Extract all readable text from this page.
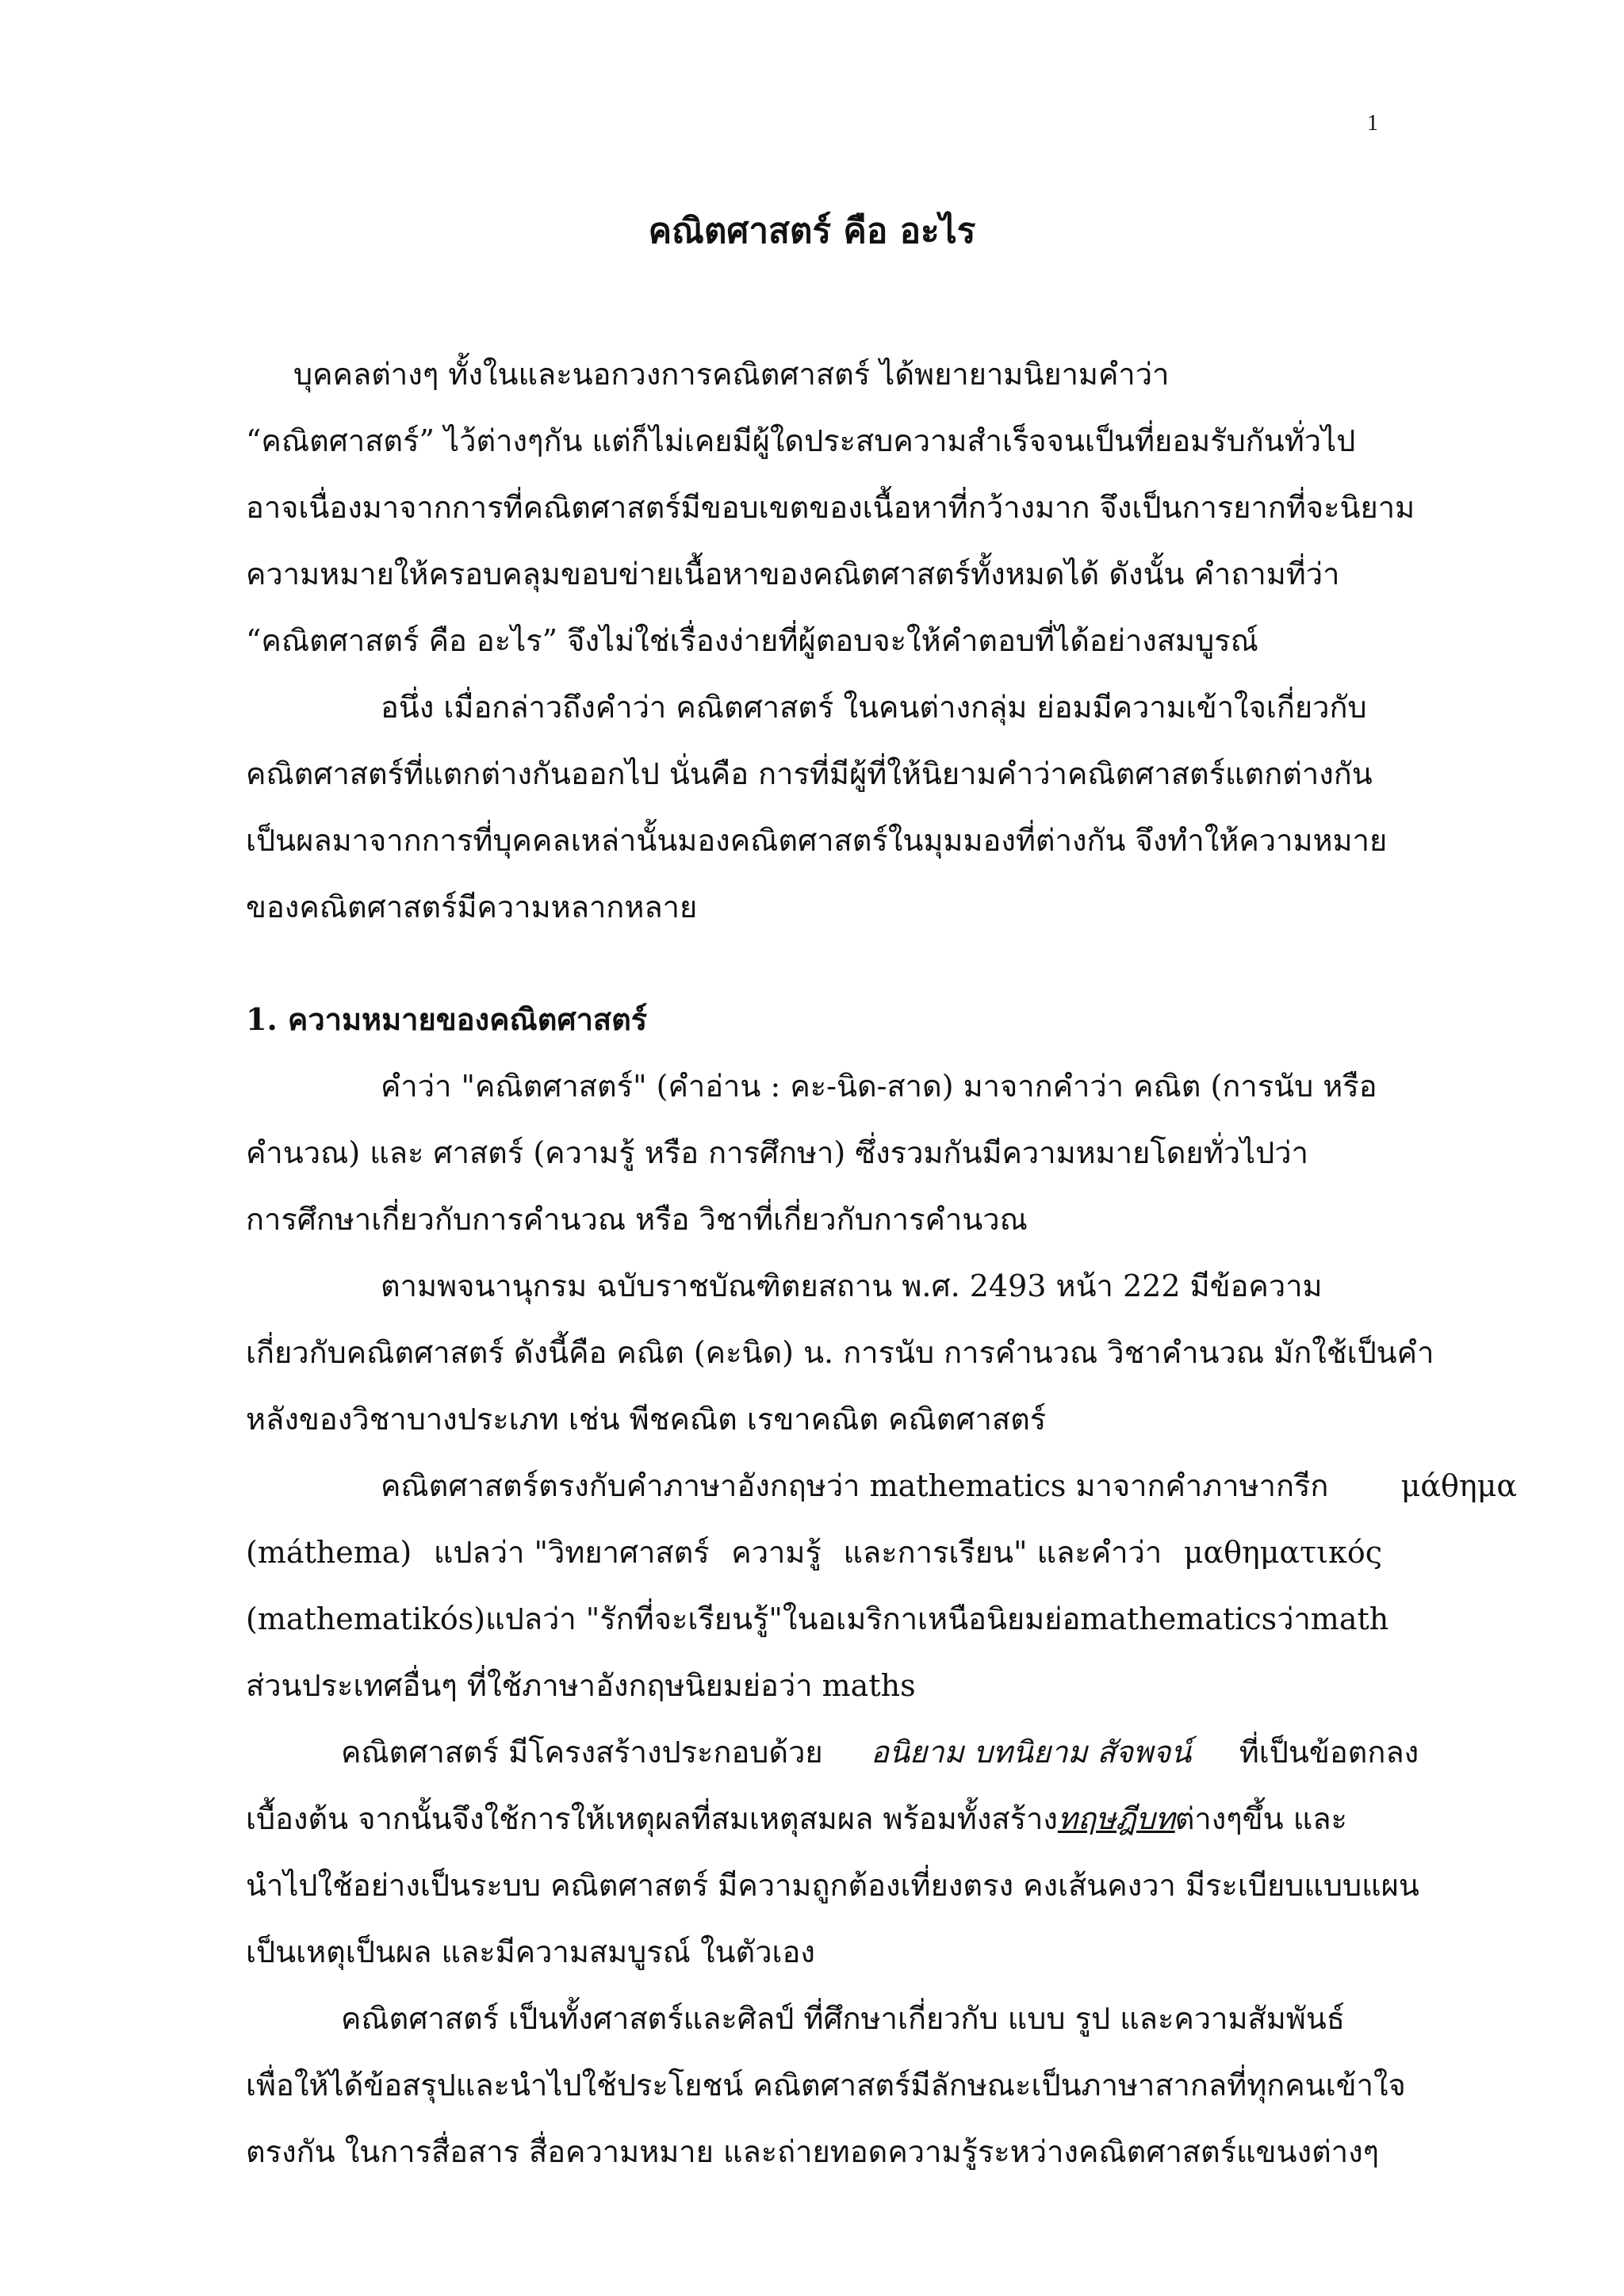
1
คณิตศาสตร์ คือ อะไร
บุคคลต่างๆ ทั้งในและนอกวงการคณิตศาสตร์ ได้พยายามนิยามคำว่า
“คณิตศาสตร์” ไว้ต่างๆกัน แต่ก็ไม่เคยมีผู้ใดประสบความสำเร็จจนเป็นที่ยอมรับกันทั่วไป
อาจเนื่องมาจากการที่คณิตศาสตร์มีขอบเขตของเนื้อหาที่กว้างมาก จึงเป็นการยากที่จะนิยาม
ความหมายให้ครอบคลุมขอบข่ายเนื้อหาของคณิตศาสตร์ทั้งหมดได้ ดังนั้น คำถามที่ว่า
“คณิตศาสตร์ คือ อะไร” จึงไม่ใช่เรื่องง่ายที่ผู้ตอบจะให้คำตอบที่ได้อย่างสมบูรณ์
อนึ่ง เมื่อกล่าวถึงคำว่า คณิตศาสตร์ ในคนต่างกลุ่ม ย่อมมีความเข้าใจเกี่ยวกับ
คณิตศาสตร์ที่แตกต่างกันออกไป นั่นคือ การที่มีผู้ที่ให้นิยามคำว่าคณิตศาสตร์แตกต่างกัน
เป็นผลมาจากการที่บุคคลเหล่านั้นมองคณิตศาสตร์ในมุมมองที่ต่างกัน จึงทำให้ความหมาย
ของคณิตศาสตร์มีความหลากหลาย
1. ความหมายของคณิตศาสตร์
คำว่า "คณิตศาสตร์" (คำอ่าน : คะ-นิด-สาด) มาจากคำว่า คณิต (การนับ หรือ
คำนวณ) และ ศาสตร์ (ความรู้ หรือ การศึกษา) ซึ่งรวมกันมีความหมายโดยทั่วไปว่า
การศึกษาเกี่ยวกับการคำนวณ หรือ วิชาที่เกี่ยวกับการคำนวณ
ตามพจนานุกรม ฉบับราชบัณฑิตยสถาน พ.ศ. 2493 หน้า 222 มีข้อความ
เกี่ยวกับคณิตศาสตร์ ดังนี้คือ คณิต (คะนิด) น. การนับ การคำนวณ วิชาคำนวณ มักใช้เป็นคำ
หลังของวิชาบางประเภท เช่น พีชคณิต เรขาคณิต คณิตศาสตร์
คณิตศาสตร์ตรงกับคำภาษาอังกฤษว่า mathematics มาจากคำภาษากรีก μάθημα
(máthema) แปลว่า "วิทยาศาสตร์ ความรู้ และการเรียน" และคำว่า μαθηματικός
(mathematikós) แปลว่า "รักที่จะเรียนรู้" ในอเมริกาเหนือนิยมย่อ mathematics ว่า math
ส่วนประเทศอื่นๆ ที่ใช้ภาษาอังกฤษนิยมย่อว่า maths
คณิตศาสตร์ มีโครงสร้างประกอบด้วย อนิยาม บทนิยาม สัจพจน์ ที่เป็นข้อตกลง
เบื้องต้น จากนั้นจึงใช้การให้เหตุผลที่สมเหตุสมผล พร้อมทั้งสร้างทฤษฎีบทต่างๆขึ้น และ
นำไปใช้อย่างเป็นระบบ คณิตศาสตร์ มีความถูกต้องเที่ยงตรง คงเส้นคงวา มีระเบียบแบบแผน
เป็นเหตุเป็นผล และมีความสมบูรณ์ ในตัวเอง
คณิตศาสตร์ เป็นทั้งศาสตร์และศิลป์ ที่ศึกษาเกี่ยวกับ แบบ รูป และความสัมพันธ์
เพื่อให้ได้ข้อสรุปและนำไปใช้ประโยชน์ คณิตศาสตร์มีลักษณะเป็นภาษาสากลที่ทุกคนเข้าใจ
ตรงกัน ในการสื่อสาร สื่อความหมาย และถ่ายทอดความรู้ระหว่างคณิตศาสตร์แขนงต่างๆ
